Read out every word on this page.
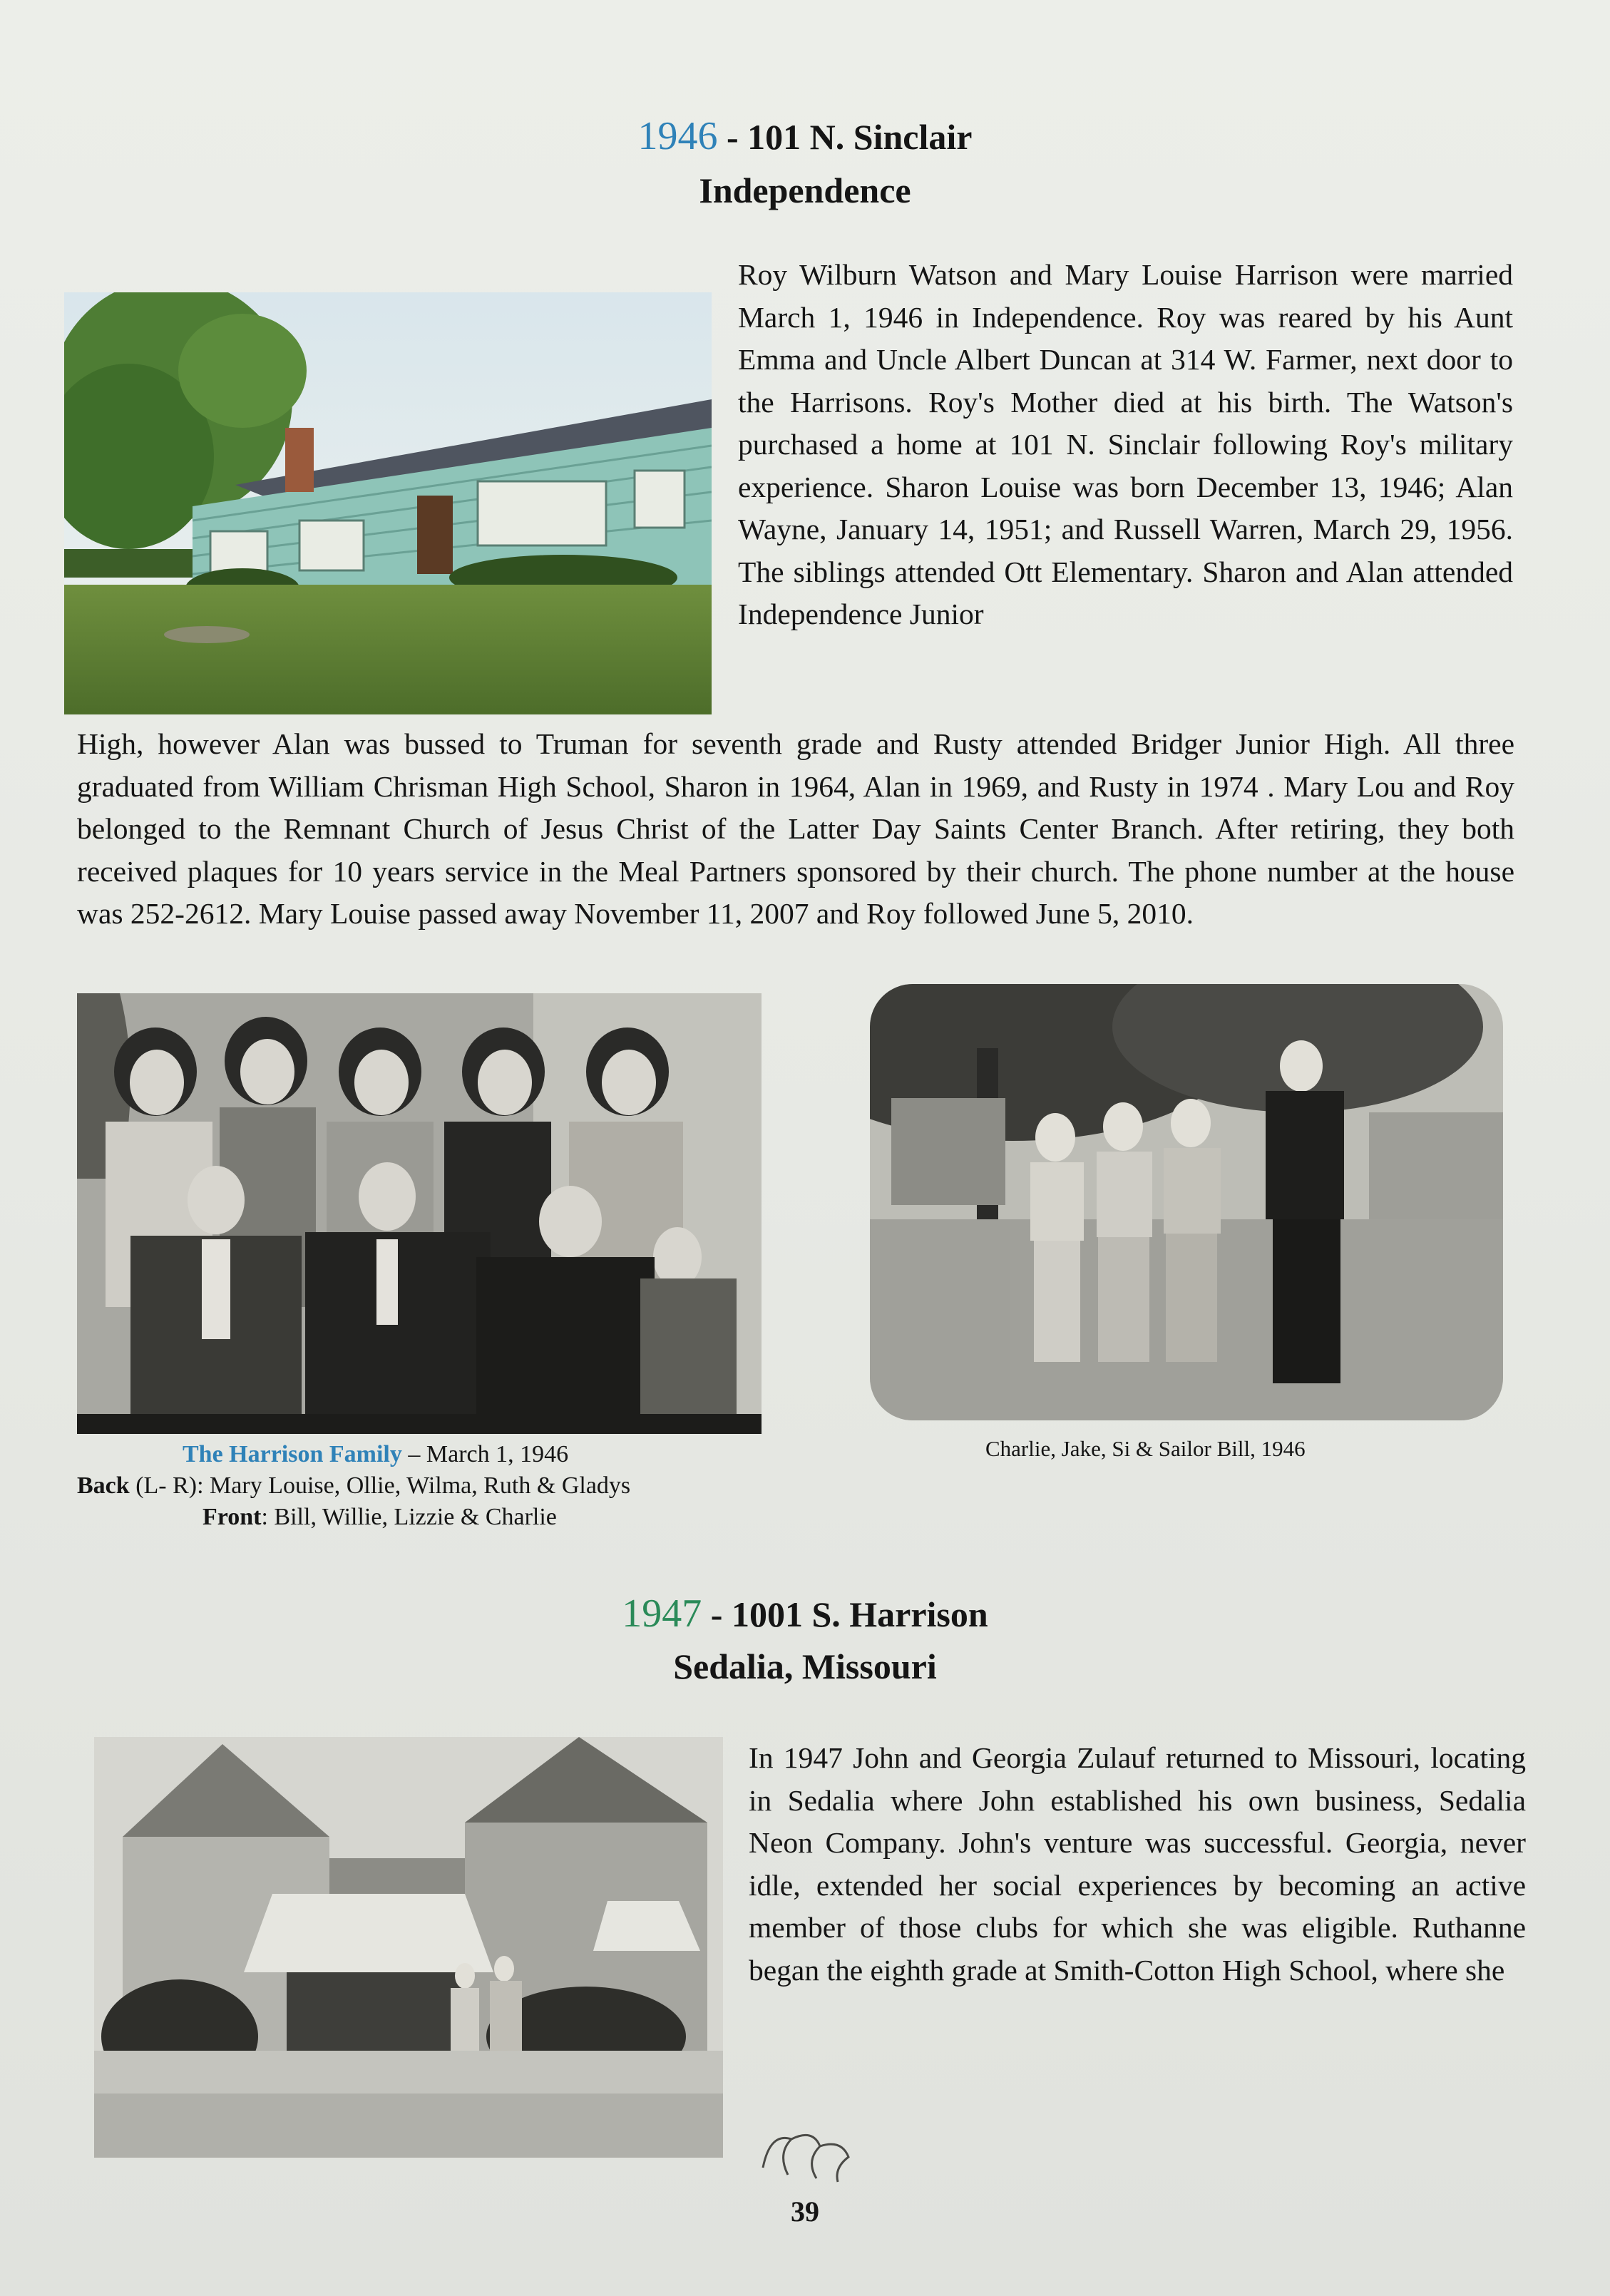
1946 - 101 N. Sinclair
Independence

Roy Wilburn Watson and Mary Louise Harrison were married March 1, 1946 in Independence. Roy was reared by his Aunt Emma and Uncle Albert Duncan at 314 W. Farmer, next door to the Harrisons. Roy's Mother died at his birth. The Watson's purchased a home at 101 N. Sinclair following Roy's military experience. Sharon Louise was born December 13, 1946; Alan Wayne, January 14, 1951; and Russell Warren, March 29, 1956. The siblings attended Ott Elementary. Sharon and Alan attended Independence Junior

High, however Alan was bussed to Truman for seventh grade and Rusty attended Bridger Junior High. All three graduated from William Chrisman High School, Sharon in 1964, Alan in 1969, and Rusty in 1974 . Mary Lou and Roy belonged to the Remnant Church of Jesus Christ of the Latter Day Saints Center Branch. After retiring, they both received plaques for 10 years service in the Meal Partners sponsored by their church. The phone number at the house was 252-2612. Mary Louise passed away November 11, 2007 and Roy followed June 5, 2010.

The Harrison Family – March 1, 1946
Back (L- R): Mary Louise, Ollie, Wilma, Ruth & Gladys
Front: Bill, Willie, Lizzie & Charlie
Charlie, Jake, Si & Sailor Bill, 1946
1947 - 1001 S. Harrison
Sedalia, Missouri

In 1947 John and Georgia Zulauf returned to Missouri, locating in Sedalia where John established his own business, Sedalia Neon Company. John's venture was successful. Georgia, never idle, extended her social experiences by becoming an active member of those clubs for which she was eligible. Ruthanne began the eighth grade at Smith-Cotton High School, where she

39
